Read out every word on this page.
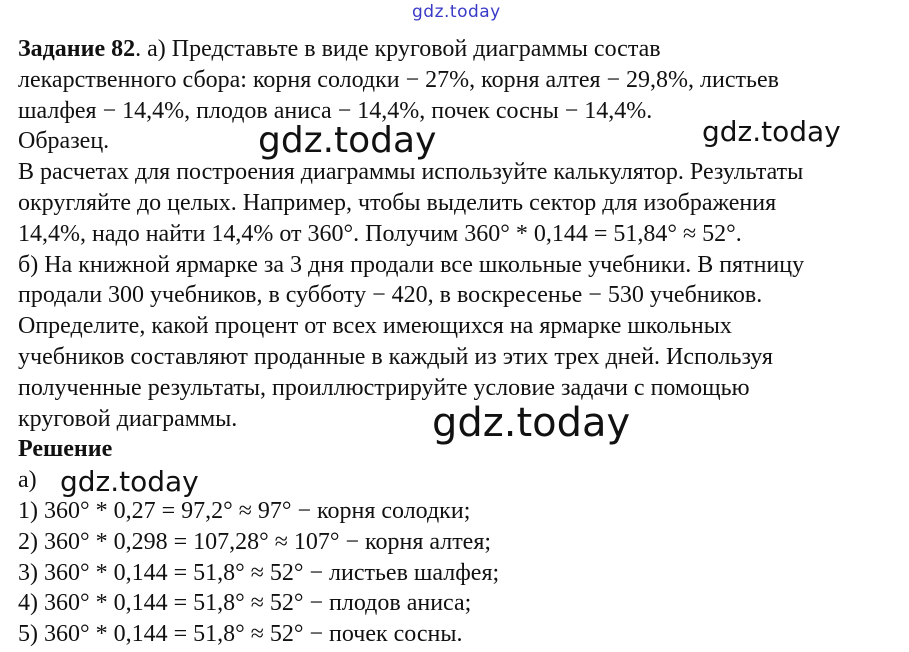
gdz.today
gdz.today	gdz.today
gdz.today
gdz.today
Задание 82. а) Представьте в виде круговой диаграммы состав
лекарственного сбора: корня солодки − 27%, корня алтея − 29,8%, листьев
шалфея − 14,4%, плодов аниса − 14,4%, почек сосны − 14,4%.
Образец.
В расчетах для построения диаграммы используйте калькулятор. Результаты
округляйте до целых. Например, чтобы выделить сектор для изображения
14,4%, надо найти 14,4% от 360°. Получим 360° * 0,144 = 51,84° ≈ 52°.
б) На книжной ярмарке за 3 дня продали все школьные учебники. В пятницу
продали 300 учебников, в субботу − 420, в воскресенье − 530 учебников.
Определите, какой процент от всех имеющихся на ярмарке школьных
учебников составляют проданные в каждый из этих трех дней. Используя
полученные результаты, проиллюстрируйте условие задачи с помощью
круговой диаграммы.
Решение
а)
1) 360° * 0,27 = 97,2° ≈ 97° − корня солодки;
2) 360° * 0,298 = 107,28° ≈ 107° − корня алтея;
3) 360° * 0,144 = 51,8° ≈ 52° − листьев шалфея;
4) 360° * 0,144 = 51,8° ≈ 52° − плодов аниса;
5) 360° * 0,144 = 51,8° ≈ 52° − почек сосны.
